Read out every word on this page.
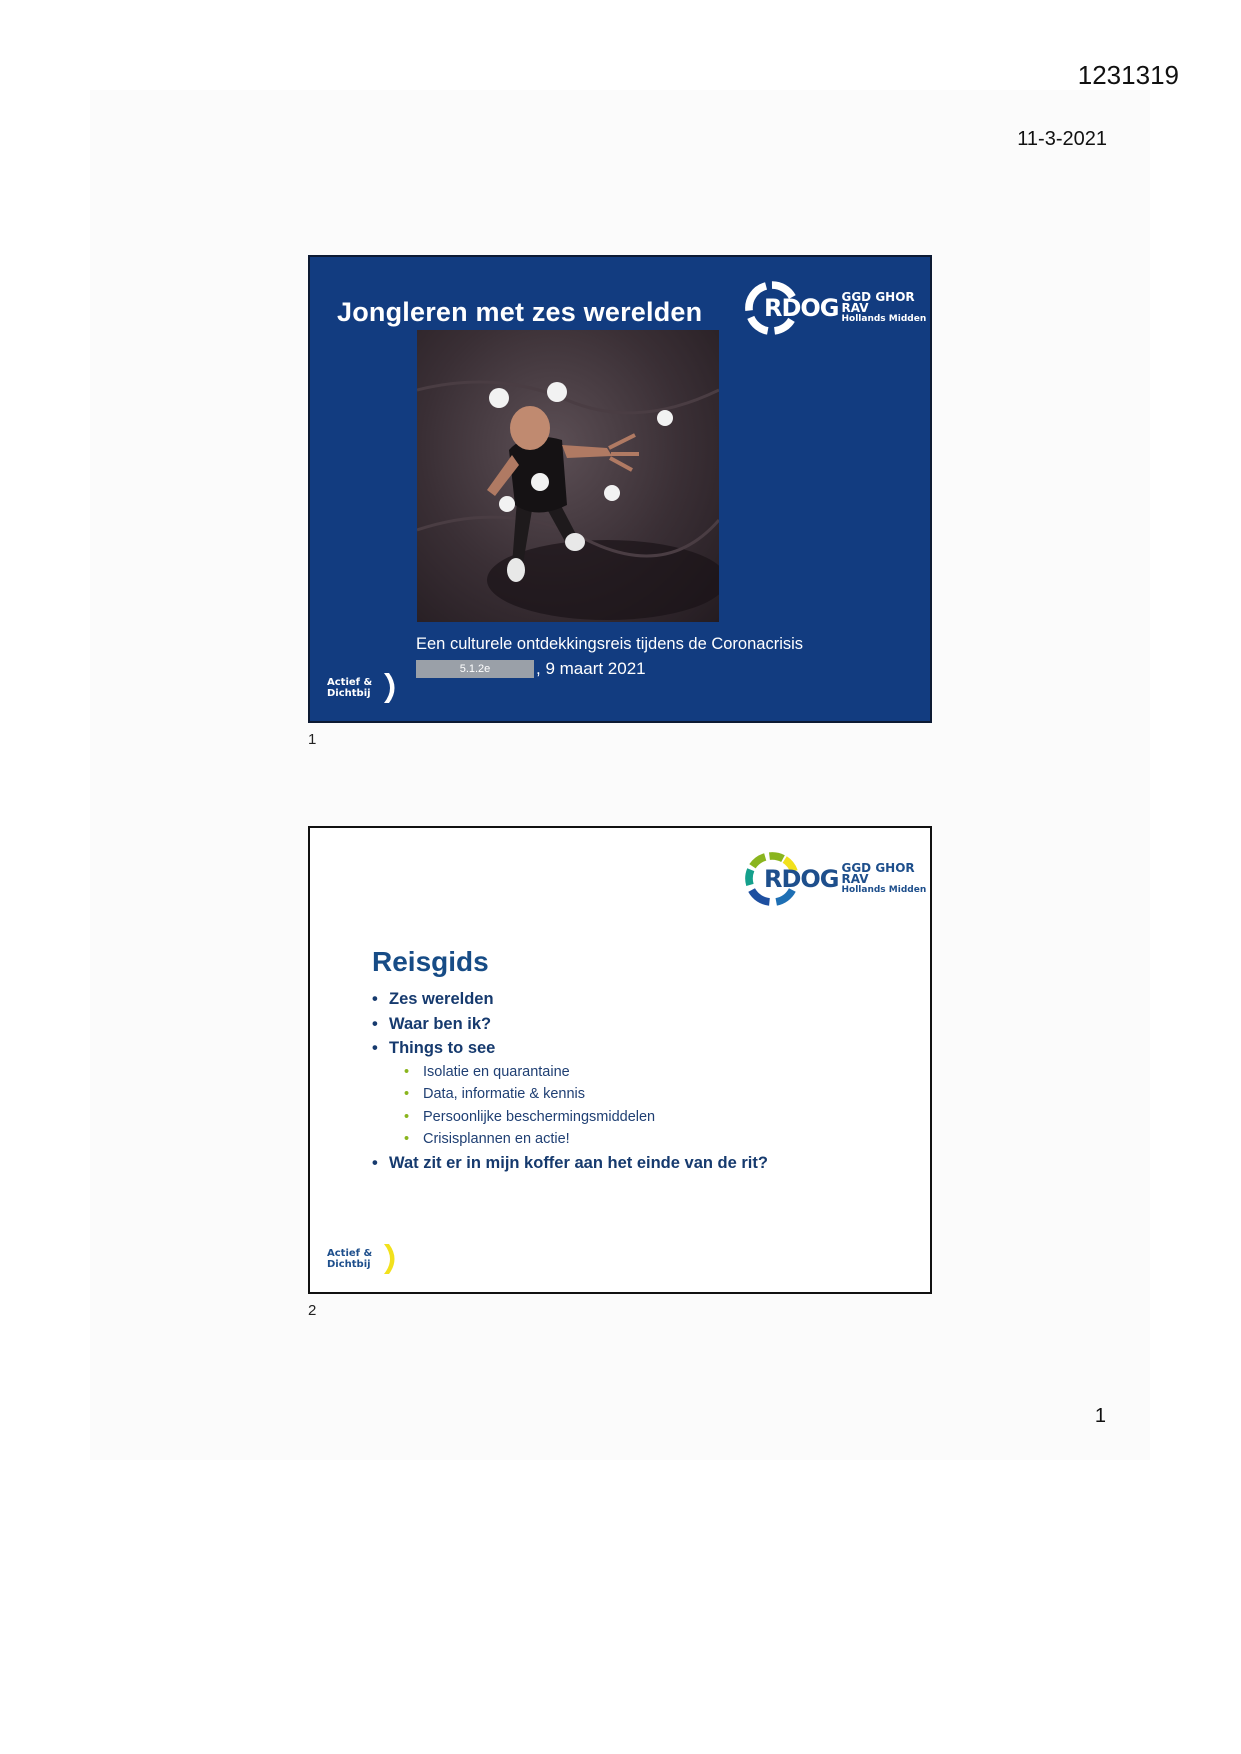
1231319
11-3-2021
Jongleren met zes werelden	RDOG GGD GHOR RAV
Hollands Midden
Een culturele ontdekkingsreis tijdens de Coronacrisis
5.1.2e	, 9 maart 2021
Actief &
Dichtbij
1
RDOG GGD GHOR RAV
Hollands Midden
Reisgids
• Zes werelden
• Waar ben ik?
• Things to see
• Isolatie en quarantaine
• Data, informatie & kennis
• Persoonlijke beschermingsmiddelen
• Crisisplannen en actie!
• Wat zit er in mijn koffer aan het einde van de rit?
Actief &
Dichtbij
2
1
